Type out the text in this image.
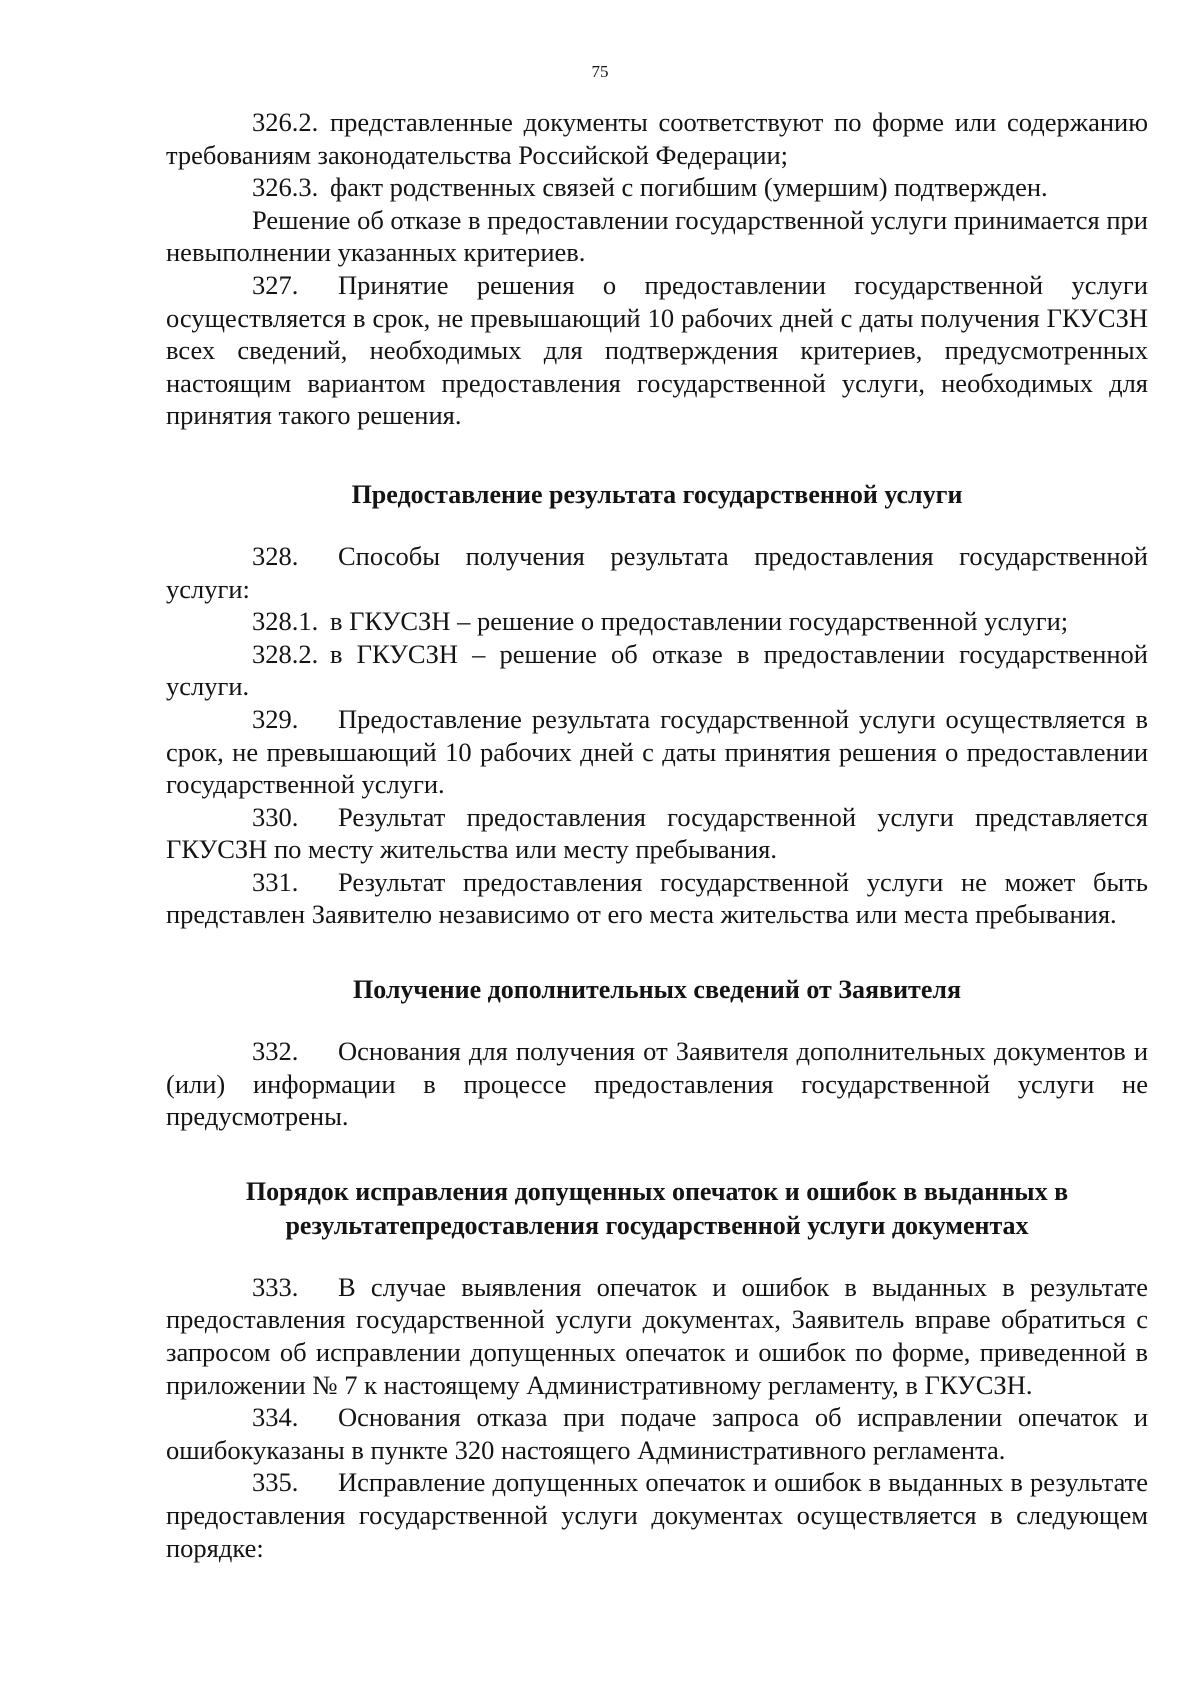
75

326.2. представленные документы соответствуют по форме или содержанию требованиям законодательства Российской Федерации;

326.3. факт родственных связей с погибшим (умершим) подтвержден.

Решение об отказе в предоставлении государственной услуги принимается при невыполнении указанных критериев.

327. Принятие решения о предоставлении государственной услуги осуществляется в срок, не превышающий 10 рабочих дней с даты получения ГКУСЗН всех сведений, необходимых для подтверждения критериев, предусмотренных настоящим вариантом предоставления государственной услуги, необходимых для принятия такого решения.

Предоставление результата государственной услуги

328. Способы получения результата предоставления государственной услуги:

328.1. в ГКУСЗН – решение о предоставлении государственной услуги;

328.2. в ГКУСЗН – решение об отказе в предоставлении государственной услуги.

329. Предоставление результата государственной услуги осуществляется в срок, не превышающий 10 рабочих дней с даты принятия решения о предоставлении государственной услуги.

330. Результат предоставления государственной услуги представляется ГКУСЗН по месту жительства или месту пребывания.

331. Результат предоставления государственной услуги не может быть представлен Заявителю независимо от его места жительства или места пребывания.

Получение дополнительных сведений от Заявителя

332. Основания для получения от Заявителя дополнительных документов и (или) информации в процессе предоставления государственной услуги не предусмотрены.

Порядок исправления допущенных опечаток и ошибок в выданных в

результатепредоставления государственной услуги документах

333. В случае выявления опечаток и ошибок в выданных в результате предоставления государственной услуги документах, Заявитель вправе обратиться с запросом об исправлении допущенных опечаток и ошибок по форме, приведенной в приложении № 7 к настоящему Административному регламенту, в ГКУСЗН.

334. Основания отказа при подаче запроса об исправлении опечаток и ошибокуказаны в пункте 320 настоящего Административного регламента.

335. Исправление допущенных опечаток и ошибок в выданных в результате предоставления государственной услуги документах осуществляется в следующем порядке:
